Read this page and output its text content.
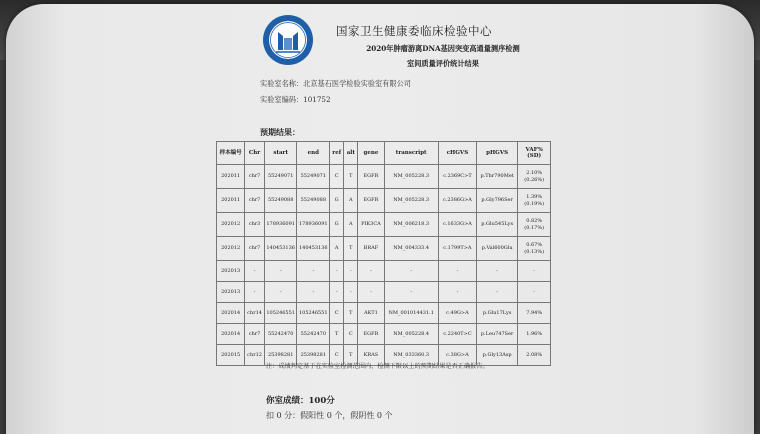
国家卫生健康委临床检验中心
2020年肿瘤游离DNA基因突变高通量测序检测
室间质量评价统计结果
实验室名称：北京基石医学检验实验室有限公司
实验室编码：101752
预期结果：
样本编号	Chr	start	end	ref	alt	gene	transcript	cHGVS	pHGVS	VAF% (SD)
202011	chr7	55249071	55249071	C	T	EGFR	NM_005228.3	c.2369C>T	p.Thr790Met	2.10% (0.26%)
202011	chr7	55249088	55249088	G	A	EGFR	NM_005228.3	c.2386G>A	p.Gly796Ser	1.39% (0.19%)
202012	chr3	178936091	178936091	G	A	PIK3CA	NM_006218.3	c.1633G>A	p.Glu545Lys	0.82% (0.17%)
202012	chr7	140453136	140453136	A	T	BRAF	NM_004333.4	c.1799T>A	p.Val600Glu	0.67% (0.13%)
202013	-	-	-	-	-	-	-	-	-	-
202013	-	-	-	-	-	-	-	-	-	-
202014	chr14	105246551	105246551	C	T	AKT1	NM_001014431.1	c.49G>A	p.Glu17Lys	7.94%
202014	chr7	55242470	55242470	T	C	EGFR	NM_005228.4	c.2240T>C	p.Leu747Ser	1.96%
202015	chr12	25398281	25398281	C	T	KRAS	NM_033360.3	c.38G>A	p.Gly13Asp	2.08%
注：成绩判定基于在实验室检测范围内、检测下限以上的预期结果是否正确报告。
你室成绩：100分
扣 0 分：假阳性 0 个，假阴性 0 个
